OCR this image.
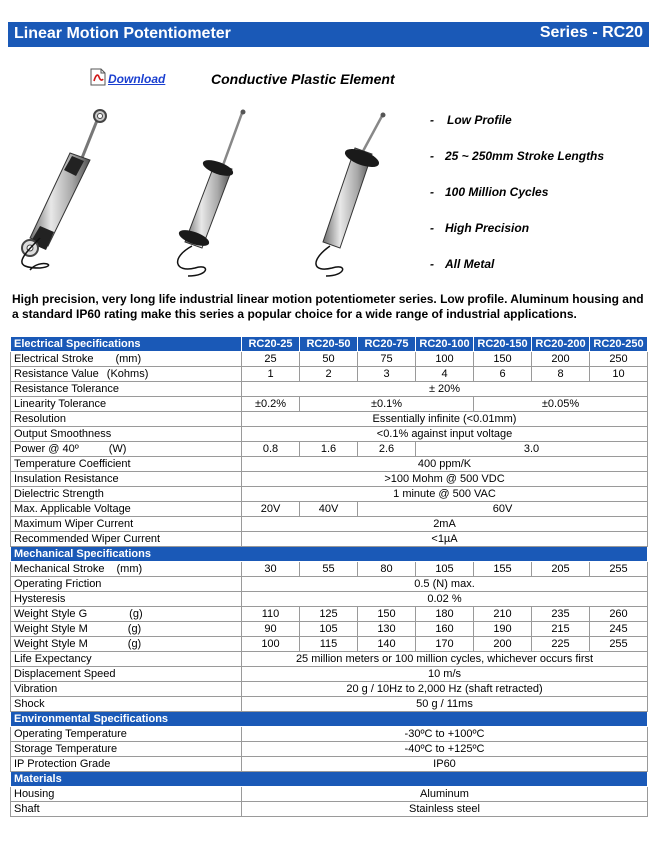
Linear Motion Potentiometer	Series - RC20
Download	Conductive Plastic Element
- Low Profile
- 25 ~ 250mm Stroke Lengths
- 100 Million Cycles
- High Precision
- All Metal
High precision, very long life industrial linear motion potentiometer series. Low profile. Aluminum housing and a standard IP60 rating make this series a popular choice for a wide range of industrial applications.
Electrical Specifications	RC20-25	RC20-50	RC20-75	RC20-100	RC20-150	RC20-200	RC20-250
Electrical Stroke (mm)	25	50	75	100	150	200	250
Resistance Value (Kohms)	1	2	3	4	6	8	10
Resistance Tolerance	± 20%						
Linearity Tolerance	±0.2%	±0.1%			±0.05%		
Resolution	Essentially infinite (<0.01mm)						
Output Smoothness	<0.1% against input voltage						
Power @ 40º (W)	0.8	1.6	2.6	3.0			
Temperature Coefficient	400 ppm/K						
Insulation Resistance	>100 Mohm @ 500 VDC						
Dielectric Strength	1 minute @ 500 VAC						
Max. Applicable Voltage	20V	40V	60V				
Maximum Wiper Current	2mA						
Recommended Wiper Current	<1µA						
Mechanical Specifications							
Mechanical Stroke (mm)	30	55	80	105	155	205	255
Operating Friction	0.5 (N) max.						
Hysteresis	0.02 %						
Weight Style G (g)	110	125	150	180	210	235	260
Weight Style M (g)	90	105	130	160	190	215	245
Weight Style M (g)	100	115	140	170	200	225	255
Life Expectancy	25 million meters or 100 million cycles, whichever occurs first						
Displacement Speed	10 m/s						
Vibration	20 g / 10Hz to 2,000 Hz (shaft retracted)						
Shock	50 g / 11ms						
Environmental Specifications							
Operating Temperature	-30ºC to +100ºC						
Storage Temperature	-40ºC to +125ºC						
IP Protection Grade	IP60						
Materials							
Housing	Aluminum						
Shaft	Stainless steel						
